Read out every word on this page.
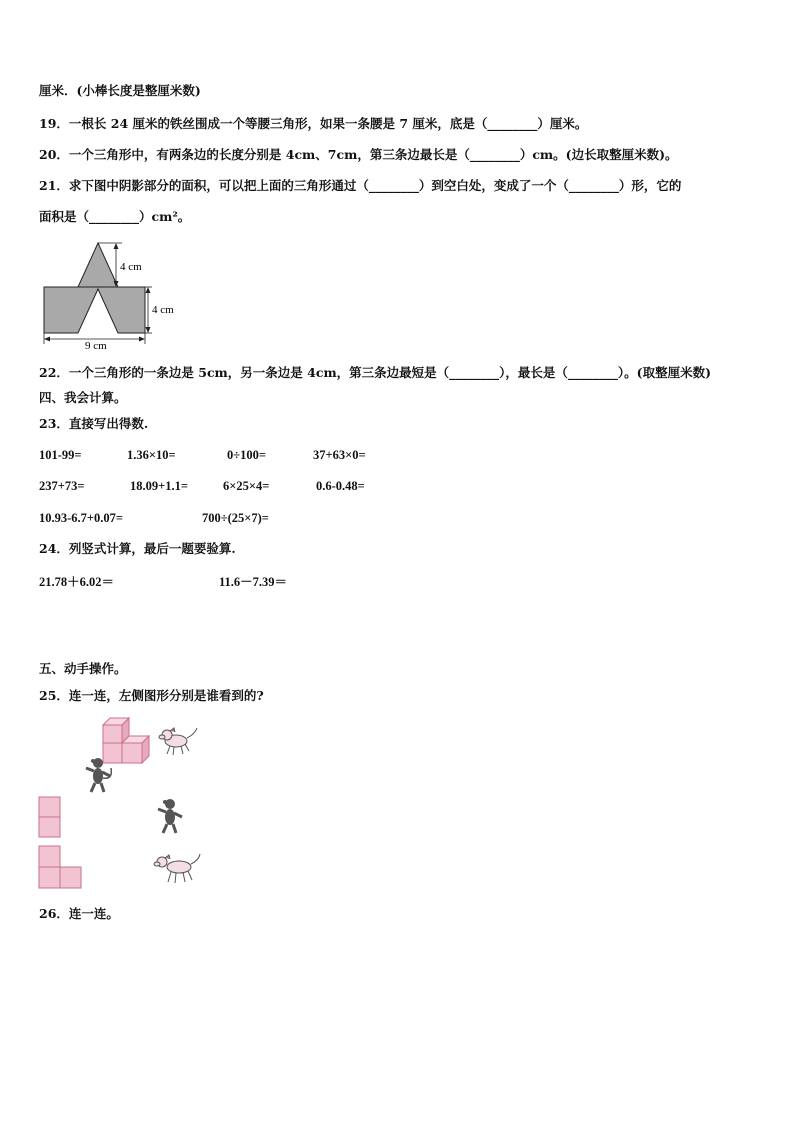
厘米．(小棒长度是整厘米数)
19．一根长 24 厘米的铁丝围成一个等腰三角形，如果一条腰是 7 厘米，底是（________）厘米。
20．一个三角形中，有两条边的长度分别是 4cm、7cm，第三条边最长是（________）cm。(边长取整厘米数)。
21．求下图中阴影部分的面积，可以把上面的三角形通过（________）到空白处，变成了一个（________）形，它的
面积是（________）cm²。
4 cm
4 cm
9 cm
22．一个三角形的一条边是 5cm，另一条边是 4cm，第三条边最短是（________），最长是（________）。(取整厘米数)
四、我会计算。
23．直接写出得数.
101-99=	1.36×10=	0÷100=	37+63×0=
237+73=	18.09+1.1=	6×25×4=	0.6-0.48=
10.93-6.7+0.07=	700÷(25×7)=
24．列竖式计算，最后一题要验算.
21.78＋6.02＝	11.6－7.39＝
五、动手操作。
25．连一连，左侧图形分别是谁看到的?
26．连一连。
